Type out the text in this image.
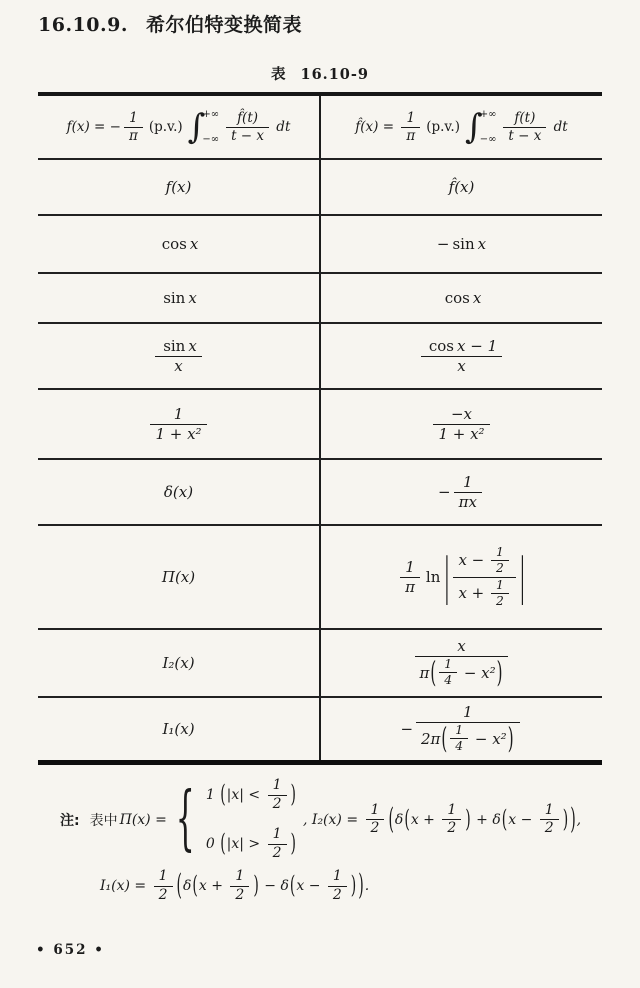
16.10.9. 希尔伯特变换简表
表 16.10-9
f(x) = − $\frac{1}{\pi} (p.v.)$ ∫
+∞
−∞ $\frac{f̂(t)}{t - x}$ dt	f̂(x) = $\frac{1}{\pi} (p.v.)$ ∫
+∞
−∞ $\frac{f(t)}{t - x}$ dt
f(x)	f̂(x)
cos x	− sin x
sin x	cos x
$\frac{\text{sin x}}{x}$	$\frac{\text{cos x − 1}}{x}$
$\frac{1}{\text{1 + x²}}$	$\frac{-x}{\text{1 + x²}}$
δ(x)	− $\frac{1}{\pi x}$
Π(x)	$\frac{1}{\pi}$ ln | $\frac{x - \frac{1}{2}}{x + \frac{1}{2}}$ |
I₂(x)	$\frac{x}{\pi ( \frac{1}{4} - x^2 )}$
I₁(x)	− $\frac{1}{2\pi ( \frac{1}{4} - x^2 )}$
注: 表中 Π(x) = { 1 ( $|x| < \frac{1}{2}$ )
0 ( $|x| > \frac{1}{2}$ )
, $I_2(x) = \frac{1}{2}$ ( δ ( $x + \frac{1}{2}$ ) + δ ( $x - \frac{1}{2}$ ) ) ,
$I_1(x) = \frac{1}{2}$ ( δ ( $x + \frac{1}{2}$ ) − δ ( $x - \frac{1}{2}$ ) ) .
• 652 •
